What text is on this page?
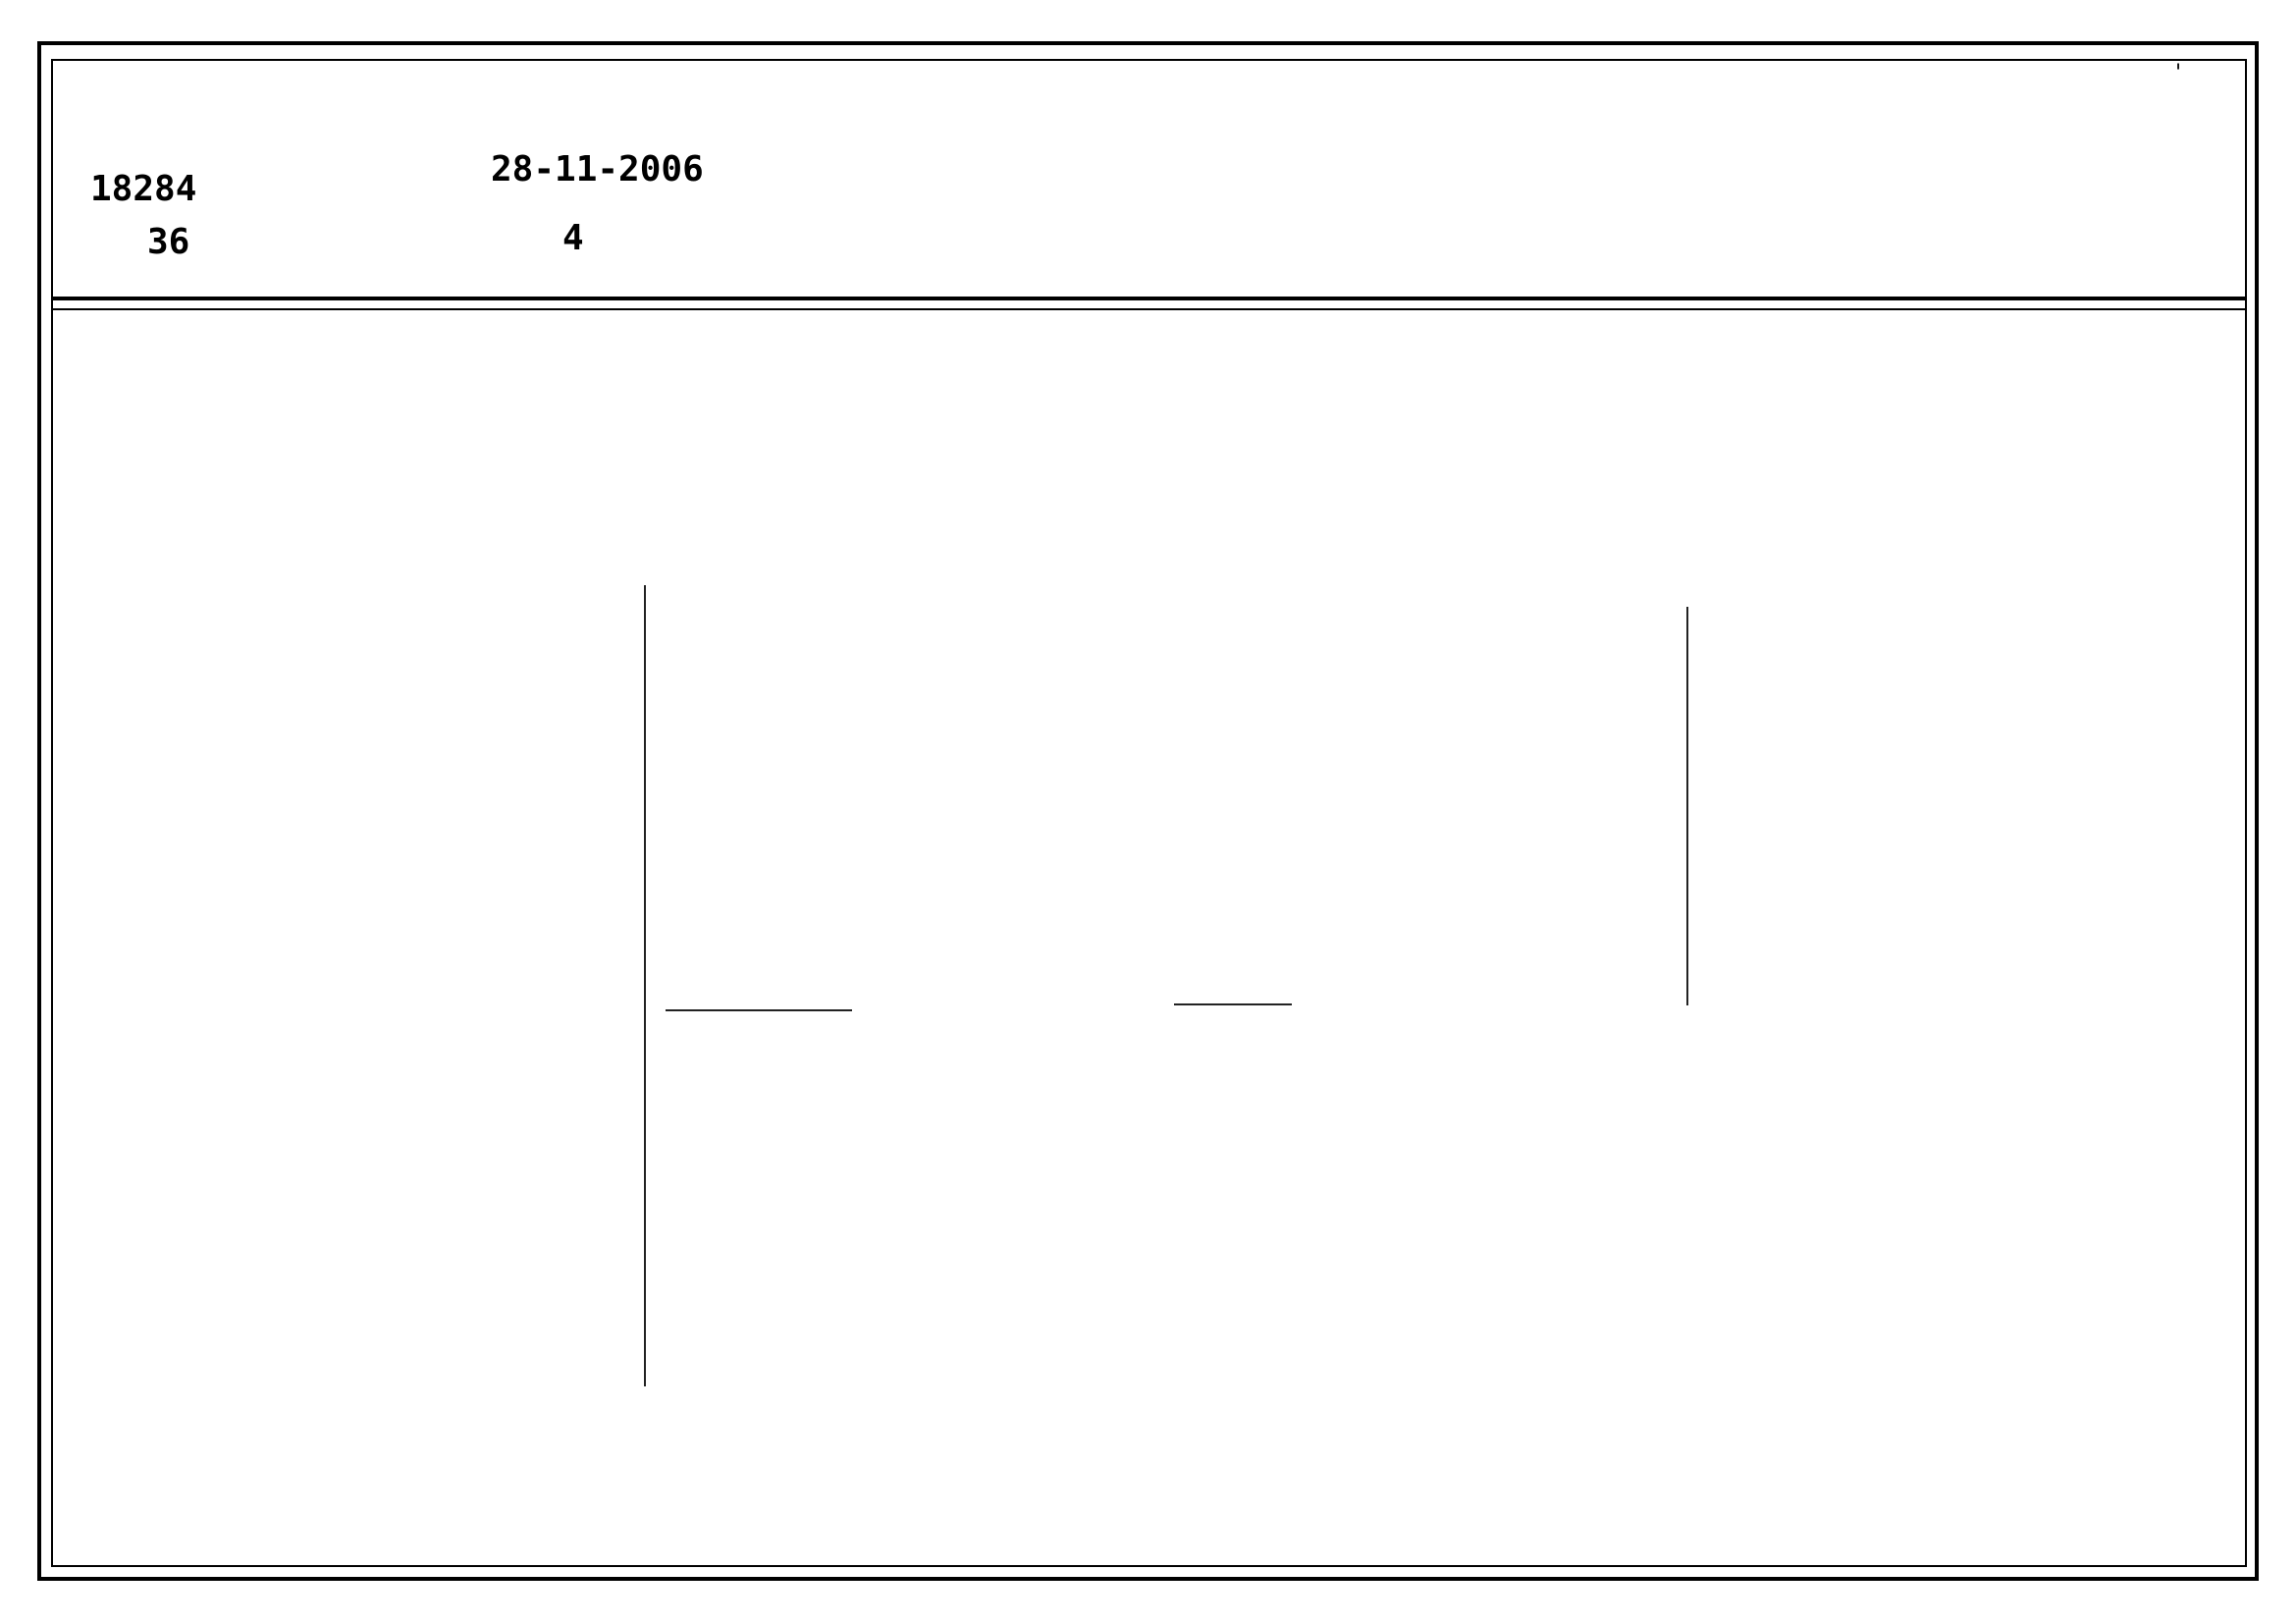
'
28-11-2006
4
18284
36
